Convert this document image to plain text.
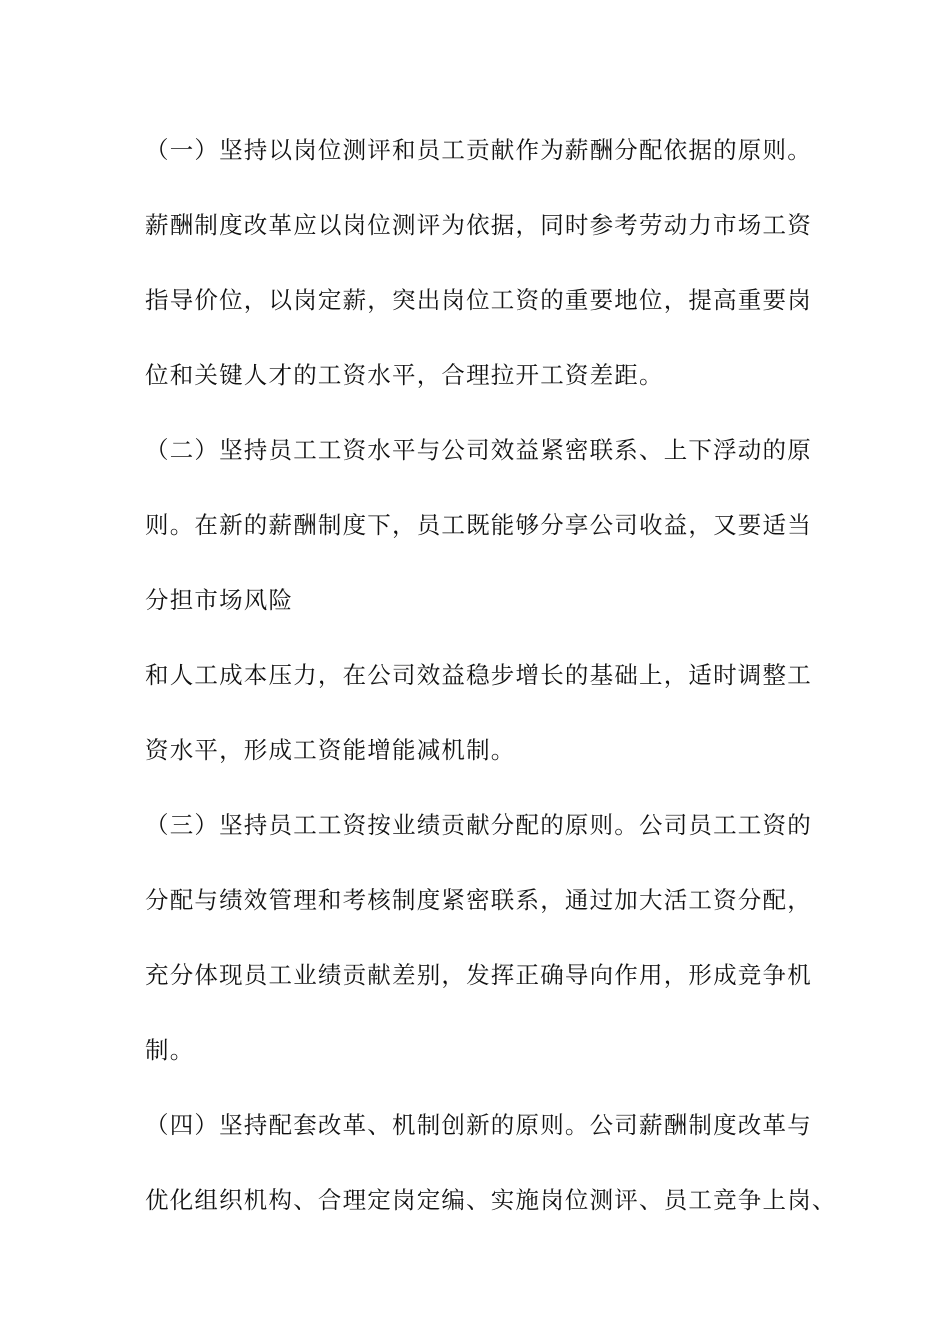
（一）坚持以岗位测评和员工贡献作为薪酬分配依据的原则。
薪酬制度改革应以岗位测评为依据，同时参考劳动力市场工资
指导价位，以岗定薪，突出岗位工资的重要地位，提高重要岗
位和关键人才的工资水平，合理拉开工资差距。
（二）坚持员工工资水平与公司效益紧密联系、上下浮动的原
则。在新的薪酬制度下，员工既能够分享公司收益，又要适当
分担市场风险
和人工成本压力，在公司效益稳步增长的基础上，适时调整工
资水平，形成工资能增能减机制。
（三）坚持员工工资按业绩贡献分配的原则。公司员工工资的
分配与绩效管理和考核制度紧密联系，通过加大活工资分配，
充分体现员工业绩贡献差别，发挥正确导向作用，形成竞争机
制。
（四）坚持配套改革、机制创新的原则。公司薪酬制度改革与
优化组织机构、合理定岗定编、实施岗位测评、员工竞争上岗、
